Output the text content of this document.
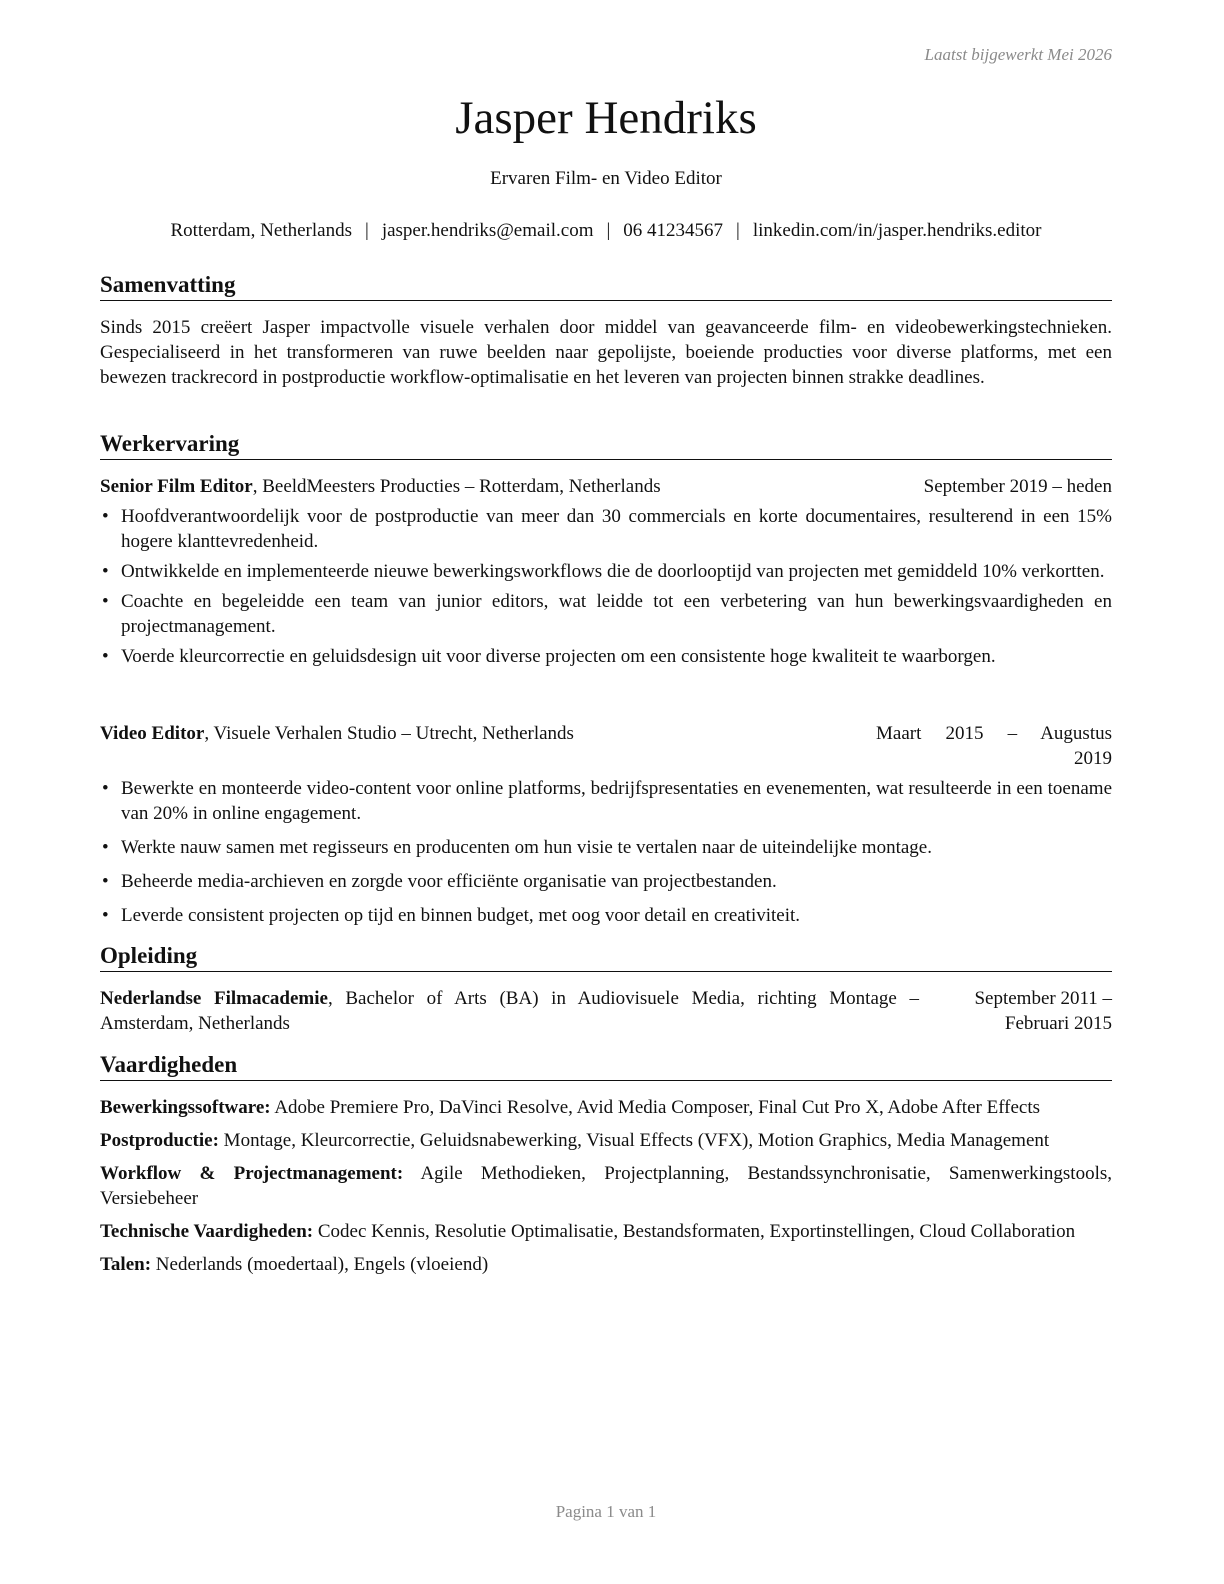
Laatst bijgewerkt Mei 2026
Jasper Hendriks
Ervaren Film- en Video Editor
Rotterdam, Netherlands | jasper.hendriks@email.com | 06 41234567 | linkedin.com/in/jasper.hendriks.editor
Samenvatting
Sinds 2015 creëert Jasper impactvolle visuele verhalen door middel van geavanceerde film- en videobewerkingstechnieken. Gespecialiseerd in het transformeren van ruwe beelden naar gepolijste, boeiende producties voor diverse platforms, met een bewezen trackrecord in postproductie workflow-optimalisatie en het leveren van projecten binnen strakke deadlines.
Werkervaring
Senior Film Editor, BeeldMeesters Producties – Rotterdam, Netherlands	September 2019 – heden
• Hoofdverantwoordelijk voor de postproductie van meer dan 30 commercials en korte documentaires, resulterend in een 15% hogere klanttevredenheid.
• Ontwikkelde en implementeerde nieuwe bewerkingsworkflows die de doorlooptijd van projecten met gemiddeld 10% verkortten.
• Coachte en begeleidde een team van junior editors, wat leidde tot een verbetering van hun bewerkingsvaardigheden en projectmanagement.
• Voerde kleurcorrectie en geluidsdesign uit voor diverse projecten om een consistente hoge kwaliteit te waarborgen.
Video Editor, Visuele Verhalen Studio – Utrecht, Netherlands	Maart 2015 – Augustus 2019
• Bewerkte en monteerde video-content voor online platforms, bedrijfspresentaties en evenementen, wat resulteerde in een toename van 20% in online engagement.
• Werkte nauw samen met regisseurs en producenten om hun visie te vertalen naar de uiteindelijke montage.
• Beheerde media-archieven en zorgde voor efficiënte organisatie van projectbestanden.
• Leverde consistent projecten op tijd en binnen budget, met oog voor detail en creativiteit.
Opleiding
Nederlandse Filmacademie, Bachelor of Arts (BA) in Audiovisuele Media, richting Montage – Amsterdam, Netherlands
September 2011 – Februari 2015
Vaardigheden
Bewerkingssoftware: Adobe Premiere Pro, DaVinci Resolve, Avid Media Composer, Final Cut Pro X, Adobe After Effects
Postproductie: Montage, Kleurcorrectie, Geluidsnabewerking, Visual Effects (VFX), Motion Graphics, Media Management
Workflow & Projectmanagement: Agile Methodieken, Projectplanning, Bestandssynchronisatie, Samenwerkingstools, Versiebeheer
Technische Vaardigheden: Codec Kennis, Resolutie Optimalisatie, Bestandsformaten, Exportinstellingen, Cloud Collaboration
Talen: Nederlands (moedertaal), Engels (vloeiend)
Pagina 1 van 1
